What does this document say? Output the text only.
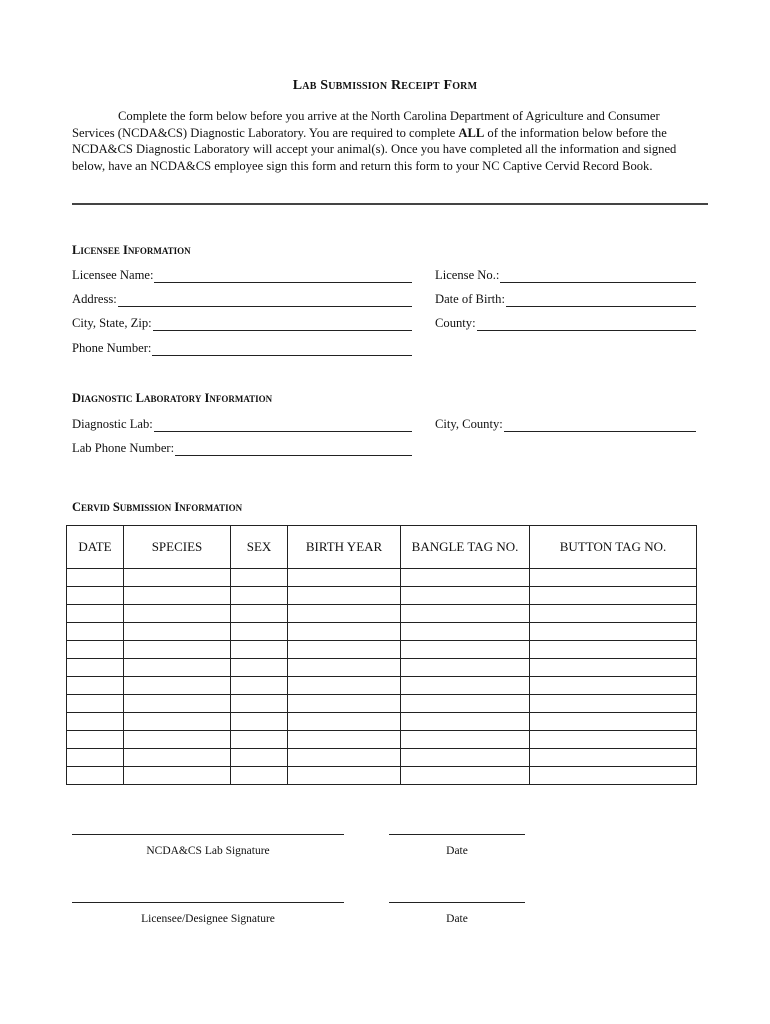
Lab Submission Receipt Form
Complete the form below before you arrive at the North Carolina Department of Agriculture and Consumer Services (NCDA&CS) Diagnostic Laboratory. You are required to complete ALL of the information below before the NCDA&CS Diagnostic Laboratory will accept your animal(s). Once you have completed all the information and signed below, have an NCDA&CS employee sign this form and return this form to your NC Captive Cervid Record Book.
Licensee Information
Licensee Name:	License No.:
Address:	Date of Birth:
City, State, Zip:	County:
Phone Number:
Diagnostic Laboratory Information
Diagnostic Lab:	City, County:
Lab Phone Number:
Cervid Submission Information
DATE	SPECIES	SEX	BIRTH YEAR	BANGLE TAG NO.	BUTTON TAG NO.

NCDA&CS Lab Signature	Date
Licensee/Designee Signature	Date
